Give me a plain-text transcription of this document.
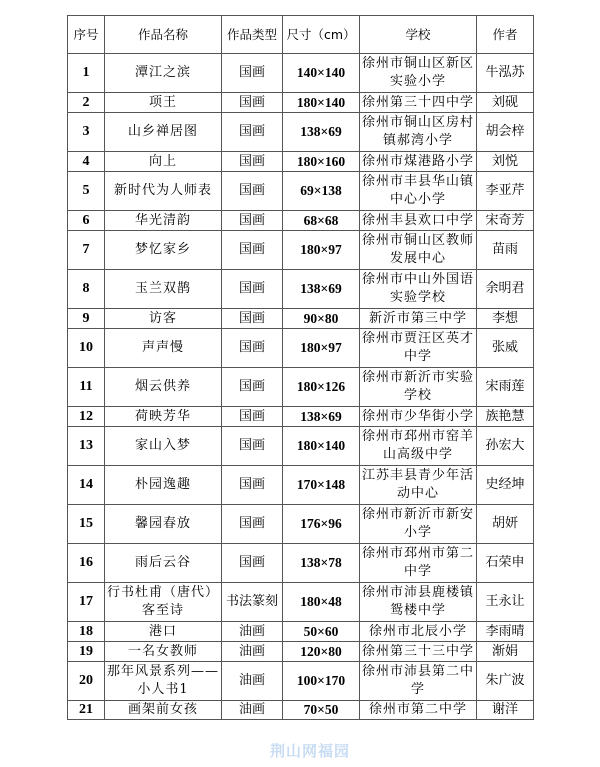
序号	作品名称	作品类型	尺寸（cm）	学校	作者
1	潭江之滨	国画	140×140	徐州市铜山区新区实验小学	牛泓苏
2	项王	国画	180×140	徐州第三十四中学	刘砚
3	山乡禅居图	国画	138×69	徐州市铜山区房村镇郝湾小学	胡会梓
4	向上	国画	180×160	徐州市煤港路小学	刘悦
5	新时代为人师表	国画	69×138	徐州市丰县华山镇中心小学	李亚芹
6	华光清韵	国画	68×68	徐州丰县欢口中学	宋奇芳
7	梦忆家乡	国画	180×97	徐州市铜山区教师发展中心	苗雨
8	玉兰双鹊	国画	138×69	徐州市中山外国语实验学校	余明君
9	访客	国画	90×80	新沂市第三中学	李想
10	声声慢	国画	180×97	徐州市贾汪区英才中学	张威
11	烟云供养	国画	180×126	徐州市新沂市实验学校	宋雨莲
12	荷映芳华	国画	138×69	徐州市少华街小学	族艳慧
13	家山入梦	国画	180×140	徐州市邳州市窑羊山高级中学	孙宏大
14	朴园逸趣	国画	170×148	江苏丰县青少年活动中心	史经坤
15	馨园春放	国画	176×96	徐州市新沂市新安小学	胡妍
16	雨后云谷	国画	138×78	徐州市邳州市第二中学	石荣申
17	行书杜甫（唐代）客至诗	书法篆刻	180×48	徐州市沛县鹿楼镇鸳楼中学	王永让
18	港口	油画	50×60	徐州市北辰小学	李雨晴
19	一名女教师	油画	120×80	徐州第三十三中学	渐娟
20	那年风景系列——小人书1	油画	100×170	徐州市沛县第二中学	朱广波
21	画架前女孩	油画	70×50	徐州市第二中学	谢洋
荆山网福园
